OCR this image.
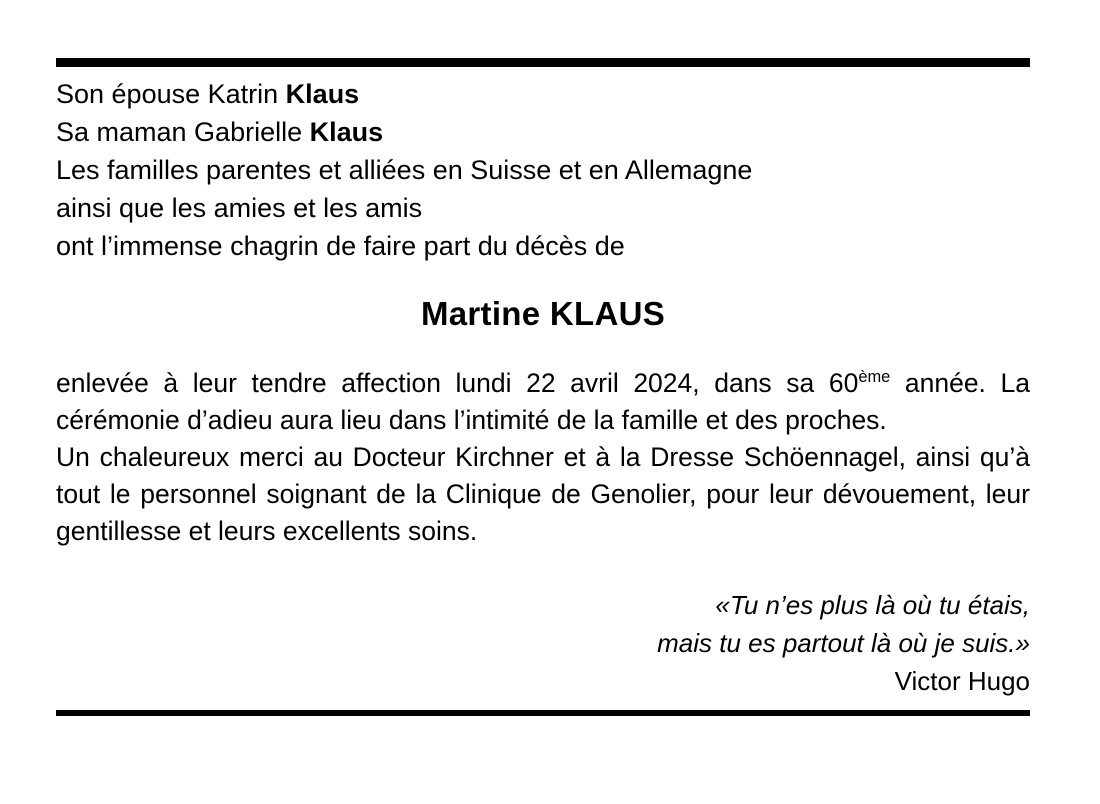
Son épouse Katrin Klaus
Sa maman Gabrielle Klaus
Les familles parentes et alliées en Suisse et en Allemagne
ainsi que les amies et les amis
ont l’immense chagrin de faire part du décès de
Martine KLAUS
enlevée à leur tendre affection lundi 22 avril 2024, dans sa 60ème année. La cérémonie d’adieu aura lieu dans l’intimité de la famille et des proches.
Un chaleureux merci au Docteur Kirchner et à la Dresse Schöennagel, ainsi qu’à tout le personnel soignant de la Clinique de Genolier, pour leur dévouement, leur gentillesse et leurs excellents soins.
«Tu n’es plus là où tu étais,
mais tu es partout là où je suis.»
Victor Hugo
